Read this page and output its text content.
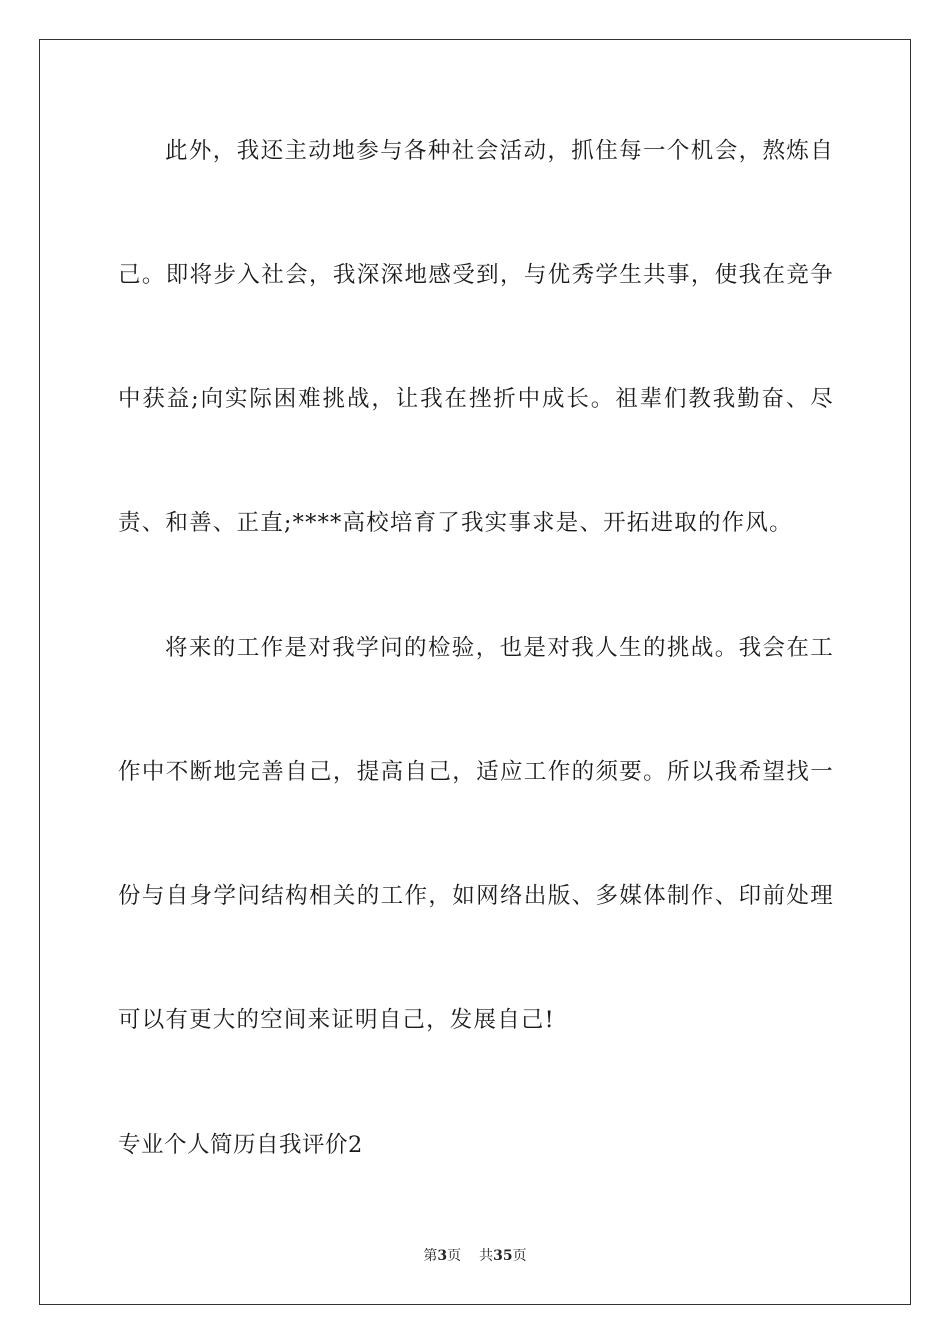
此外，我还主动地参与各种社会活动，抓住每一个机会，熬炼自
己。即将步入社会，我深深地感受到，与优秀学生共事，使我在竞争
中获益;向实际困难挑战，让我在挫折中成长。祖辈们教我勤奋、尽
责、和善、正直;****高校培育了我实事求是、开拓进取的作风。
将来的工作是对我学问的检验，也是对我人生的挑战。我会在工
作中不断地完善自己，提高自己，适应工作的须要。所以我希望找一
份与自身学问结构相关的工作，如网络出版、多媒体制作、印前处理
可以有更大的空间来证明自己，发展自己!
专业个人简历自我评价2
第3页 共35页
